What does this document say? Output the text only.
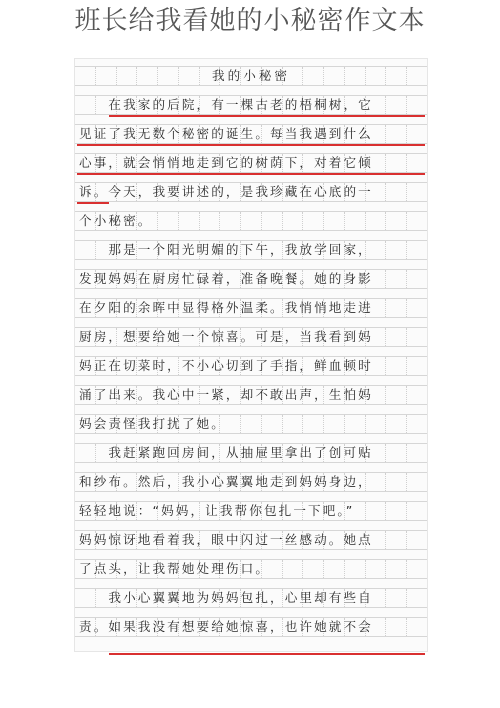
班长给我看她的小秘密作文本
我的小秘密
　　在我家的后院，有一棵古老的梧桐树，它
见证了我无数个秘密的诞生。每当我遇到什么
心事，就会悄悄地走到它的树荫下，对着它倾
诉。今天，我要讲述的，是我珍藏在心底的一
个小秘密。
　　那是一个阳光明媚的下午，我放学回家，
发现妈妈在厨房忙碌着，准备晚餐。她的身影
在夕阳的余晖中显得格外温柔。我悄悄地走进
厨房，想要给她一个惊喜。可是，当我看到妈
妈正在切菜时，不小心切到了手指，鲜血顿时
涌了出来。我心中一紧，却不敢出声，生怕妈
妈会责怪我打扰了她。
　　我赶紧跑回房间，从抽屉里拿出了创可贴
和纱布。然后，我小心翼翼地走到妈妈身边，
轻轻地说：“妈妈，让我帮你包扎一下吧。”
妈妈惊讶地看着我，眼中闪过一丝感动。她点
了点头，让我帮她处理伤口。
　　我小心翼翼地为妈妈包扎，心里却有些自
责。如果我没有想要给她惊喜，也许她就不会
